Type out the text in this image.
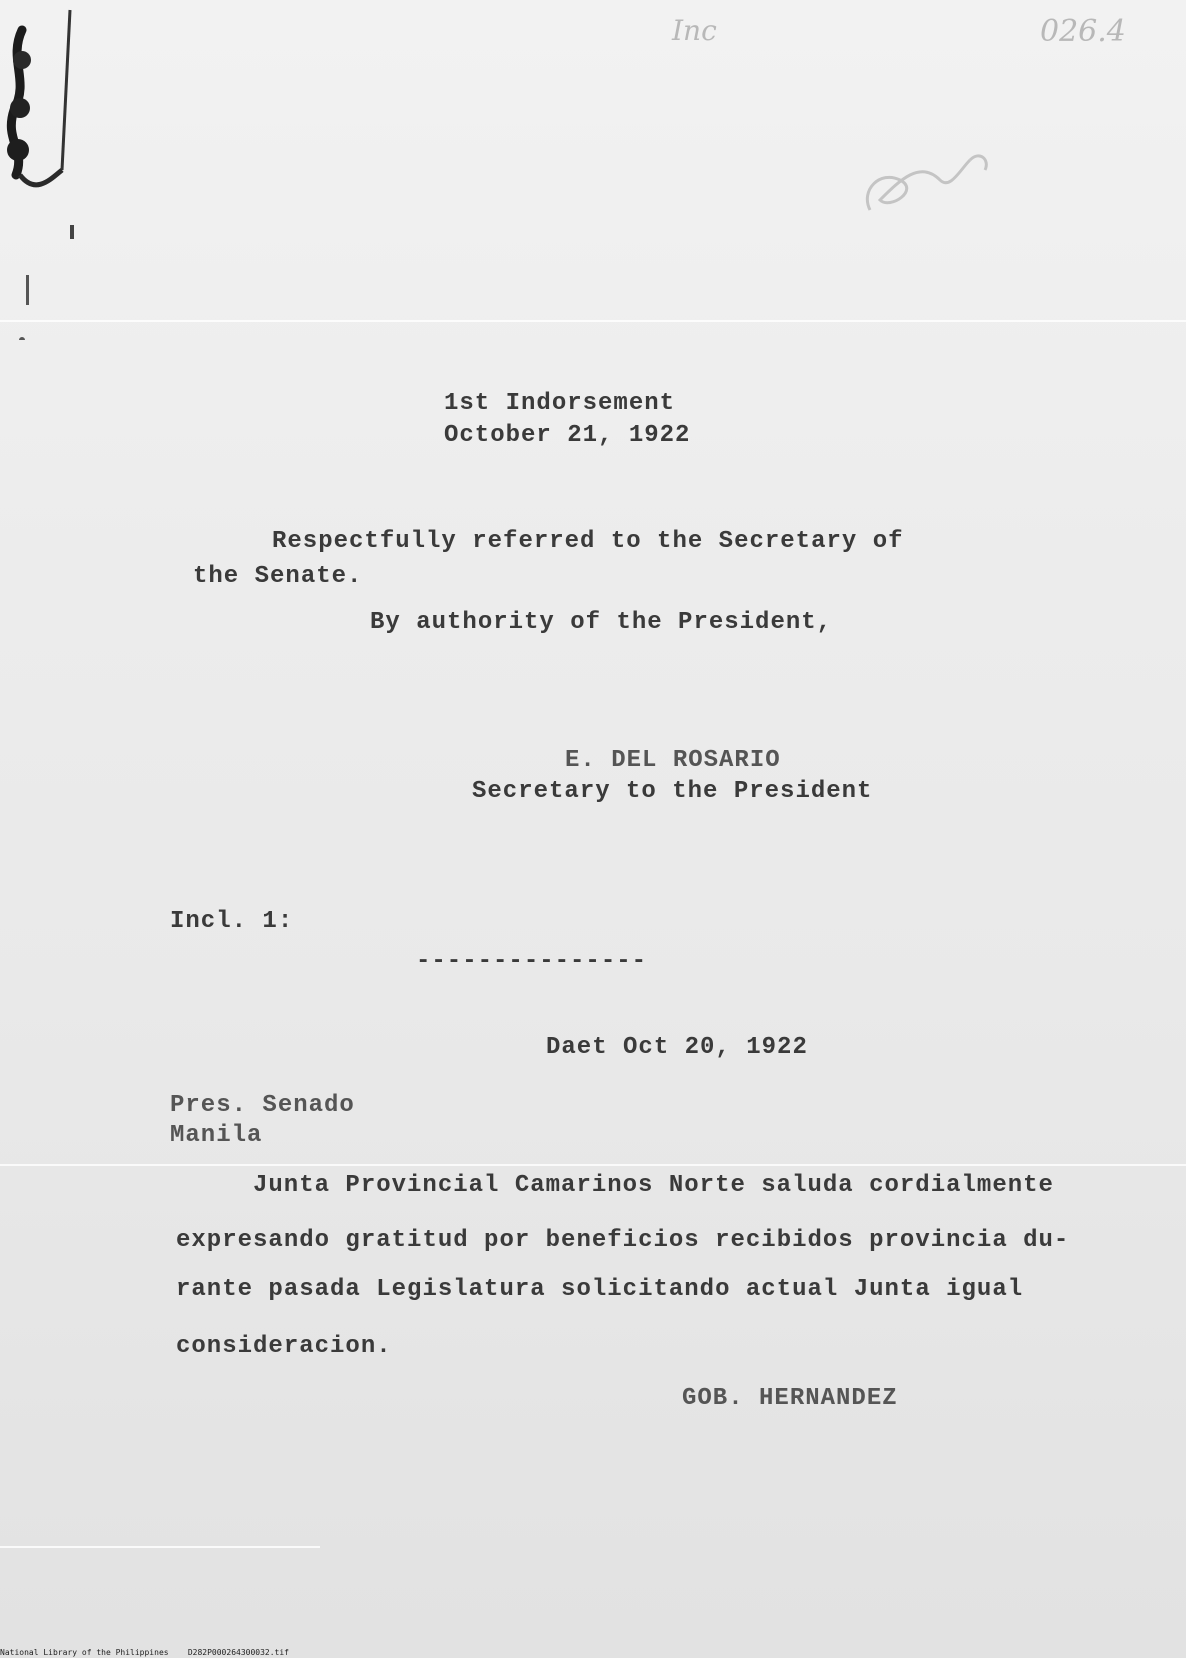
Inc	026.4
1st Indorsement
October 21, 1922
Respectfully referred to the Secretary of
the Senate.
By authority of the President,
E. DEL ROSARIO
Secretary to the President
Incl. 1:
---------------
Daet Oct 20, 1922
Pres. Senado
Manila
Junta Provincial Camarinos Norte saluda cordialmente
expresando gratitud por beneficios recibidos provincia du-
rante pasada Legislatura solicitando actual Junta igual
consideracion.
GOB. HERNANDEZ
National Library of the Philippines    D282P000264300032.tif
